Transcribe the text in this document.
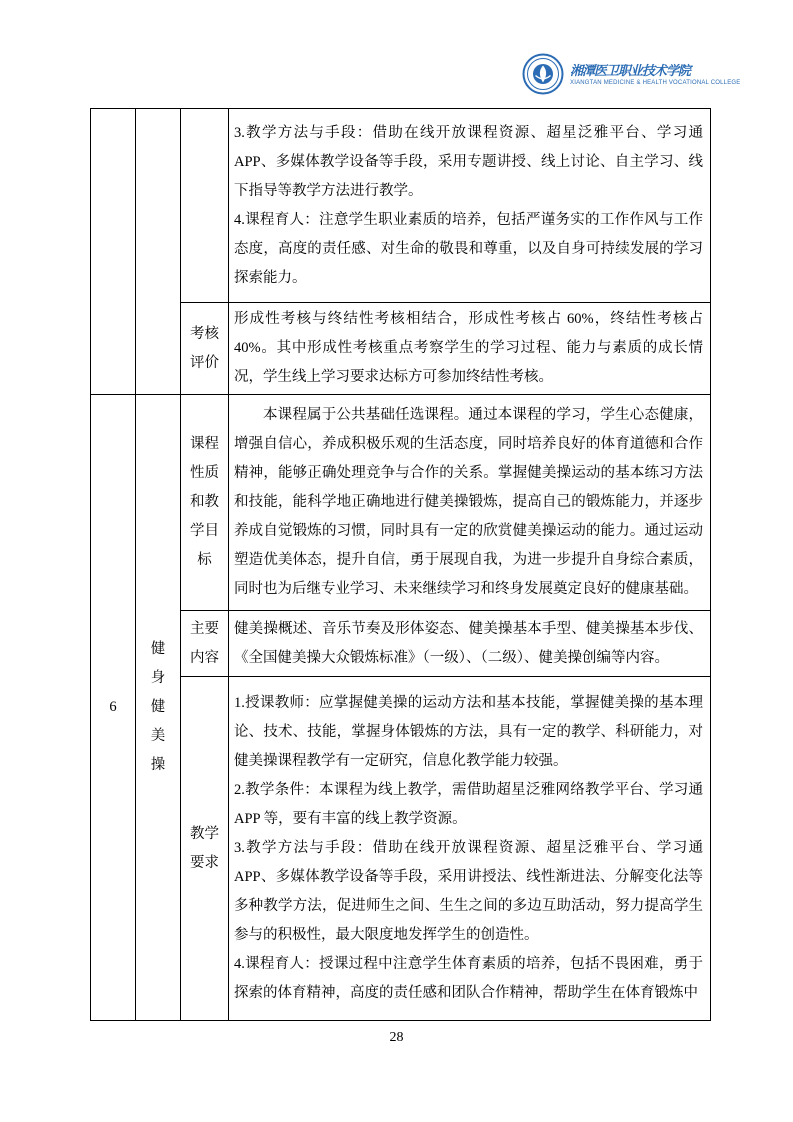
湘潭医卫职业技术学院
XIANGTAN MEDICINE & HEALTH VOCATIONAL COLLEGE

			3.教学方法与手段：借助在线开放课程资源、超星泛雅平台、学习通 APP、多媒体教学设备等手段，采用专题讲授、线上讨论、自主学习、线下指导等教学方法进行教学。

4.课程育人：注意学生职业素质的培养，包括严谨务实的工作作风与工作态度，高度的责任感、对生命的敬畏和尊重，以及自身可持续发展的学习探索能力。

		考核评价	形成性考核与终结性考核相结合，形成性考核占 60%，终结性考核占 40%。其中形成性考核重点考察学生的学习过程、能力与素质的成长情况，学生线上学习要求达标方可参加终结性考核。

6	健身健美操	课程性质和教学目标	本课程属于公共基础任选课程。通过本课程的学习，学生心态健康，增强自信心，养成积极乐观的生活态度，同时培养良好的体育道德和合作精神，能够正确处理竞争与合作的关系。掌握健美操运动的基本练习方法和技能，能科学地正确地进行健美操锻炼，提高自己的锻炼能力，并逐步养成自觉锻炼的习惯，同时具有一定的欣赏健美操运动的能力。通过运动塑造优美体态，提升自信，勇于展现自我，为进一步提升自身综合素质，同时也为后继专业学习、未来继续学习和终身发展奠定良好的健康基础。

		主要内容	健美操概述、音乐节奏及形体姿态、健美操基本手型、健美操基本步伐、《全国健美操大众锻炼标准》（一级）、（二级）、健美操创编等内容。

		教学要求	1.授课教师：应掌握健美操的运动方法和基本技能，掌握健美操的基本理论、技术、技能，掌握身体锻炼的方法，具有一定的教学、科研能力，对健美操课程教学有一定研究，信息化教学能力较强。

2.教学条件：本课程为线上教学，需借助超星泛雅网络教学平台、学习通 APP 等，要有丰富的线上教学资源。

3.教学方法与手段：借助在线开放课程资源、超星泛雅平台、学习通 APP、多媒体教学设备等手段，采用讲授法、线性渐进法、分解变化法等多种教学方法，促进师生之间、生生之间的多边互助活动，努力提高学生参与的积极性，最大限度地发挥学生的创造性。

4.课程育人：授课过程中注意学生体育素质的培养，包括不畏困难，勇于探索的体育精神，高度的责任感和团队合作精神，帮助学生在体育锻炼中

28
